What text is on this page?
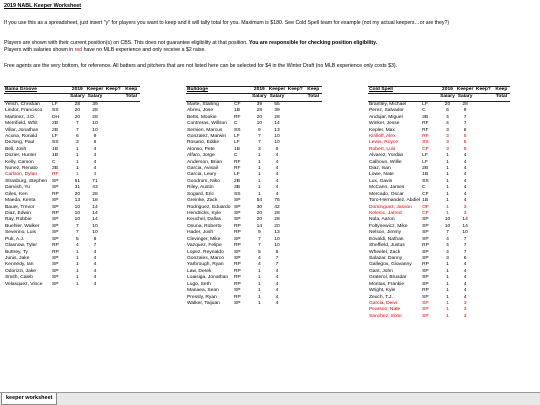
2019 NABL Keeper Worksheet
If you use this as a spreadsheet, just insert "y" for players you want to keep and it will tally total for you. Maximum is $180. See Cold Spell team for example (not my actual keepers…or are they?)
Players are shown with their current position(s) on CBS. This does not guarantee eligibility at that position. You are responsible for checking position eligibility.
Players with salaries shown in red have no MLB experience and only receive a $2 raise.
Free agents are the very bottom, for reference. All batters and pitchers that are not listed here can be selected for $4 in the Winter Draft (no MLB experience only costs $3).
Bama Groove		2019	Keeper	Keep?	Keep
		Salary	Salary		Total
Yelich, Christian	LF	28	39		
Lindor, Francisco	SS	20	28		
Martinez, J.D.	DH	20	28		
Merrifield, Whit	2B	7	10		
Villar, Jonathan	2B	7	10		
Acuna, Ronald	LF	6	9		
DeJong, Paul	SS	3	6		
Bell, Josh	1B	1	4		
Dozier, Hunter	1B	1	4		
Kelly, Carson	C	1	4		
Nunez, Renato	3B	1	4		
Carlson, Dylan	RF	1	3		
Strasburg, Stephen	SP	51	71		
Darvish, Yu	SP	31	43		
Giles, Ken	RP	20	28		
Maeda, Kenta	SP	13	18		
Bauer, Trevor	SP	10	14		
Diaz, Edwin	RP	10	14		
Ray, Robbie	SP	10	14		
Buehler, Walker	SP	7	10		
Severino, Luis	SP	7	10		
Puk, A.J.	SP	5	8		
Glasnow, Tyler	RP	4	7		
Buttrey, Ty	RP	1	4		
Junis, Jake	SP	1	4		
Kennedy, Ian	SP	1	4		
Odorizzi, Jake	SP	1	4		
Smith, Caleb	SP	1	4		
Velasquez, Vince	SP	1	4		
Bulldoge		2019	Keeper	Keep?	Keep
		Salary	Salary		Total
Marte, Starling	CF	39	55		
Abreu, Jose	1B	28	39		
Betts, Mookie	RF	20	28		
Contreras, Willson	C	10	14		
Semien, Marcus	SS	9	13		
Gonzalez, Marwin	LF	7	10		
Rosario, Eddie	LF	7	10		
Alonso, Pete	1B	3	6		
Alfaro, Jorge	C	1	4		
Anderson, Brian	RF	1	4		
Garcia, Avisail	RF	1	4		
Garcia, Leury	LF	1	4		
Goodrum, Niko	2B	1	4		
Riley, Austin	3B	1	4		
Sogard, Eric	SS	1	4		
Greinke, Zack	SP	54	76		
Rodriguez, Eduardo	SP	30	42		
Hendricks, Kyle	SP	20	28		
Keuchel, Dallas	SP	20	28		
Osuna, Roberto	RP	14	20		
Hader, Josh	RP	9	13		
Clevinger, Mike	SP	7	10		
Vazquez, Felipe	RP	7	10		
Lopez, Reynaldo	SP	5	8		
Gonzales, Marco	SP	4	7		
Yarbrough, Ryan	RP	4	7		
Law, Derek	RP	1	4		
Loaisiga, Jonathan	RP	1	4		
Lugo, Seth	RP	1	4		
Manaea, Sean	SP	1	4		
Pressly, Ryan	RP	1	4		
Walker, Taijuan	SP	1	4		
Cold Spell		2019	Keeper	Keep?	Keep
		Salary	Salary		Total
Brantley, Michael	LF	20	28		
Perez, Salvador	C	6	9		
Andujar, Miguel	3B	4	7		
Winker, Jesse	RF	4	7		
Kepler, Max	RF	3	6		
Kirilloff, Alex	RF	3	5		
Lewis, Royce	SS	3	5		
Robert, Luis	CF	3	5		
Alvarez, Yordan	LF	1	4		
Calhoun, Willie	LF	1	4		
Diaz, Isan	2B	1	4		
Lowe, Nate	1B	1	4		
Lux, Gavin	SS	1	4		
McCann, James	C	1	4		
Mercado, Oscar	CF	1	4		
Toro-Hernandez, Abdiel	1B	1	4		
Dominguez, Jasson	OF	1	3		
Kelenic, Jarred	CF	1	3		
Nola, Aaron	SP	10	14		
Foltynewicz, Mike	SP	10	14		
Nelson, Jimmy	SP	7	10		
Eovaldi, Nathan	SP	4	7		
Sheffield, Justus	RP	4	7		
Wheeler, Zack	SP	4	7		
Salazar, Danny	SP	3	6		
Gallegos, Giovanny	RP	1	4		
Gant, John	SP	1	4		
Graterol, Brusdar	SP	1	4		
Montas, Frankie	SP	1	4		
Wright, Kyle	RP	1	4		
Zeuch, T.J.	SP	1	4		
Garcia, Deivi	SP	1	3		
Pearson, Nate	SP	1	3		
Sanchez, Sixto	SP	1	3		
keeper worksheet
